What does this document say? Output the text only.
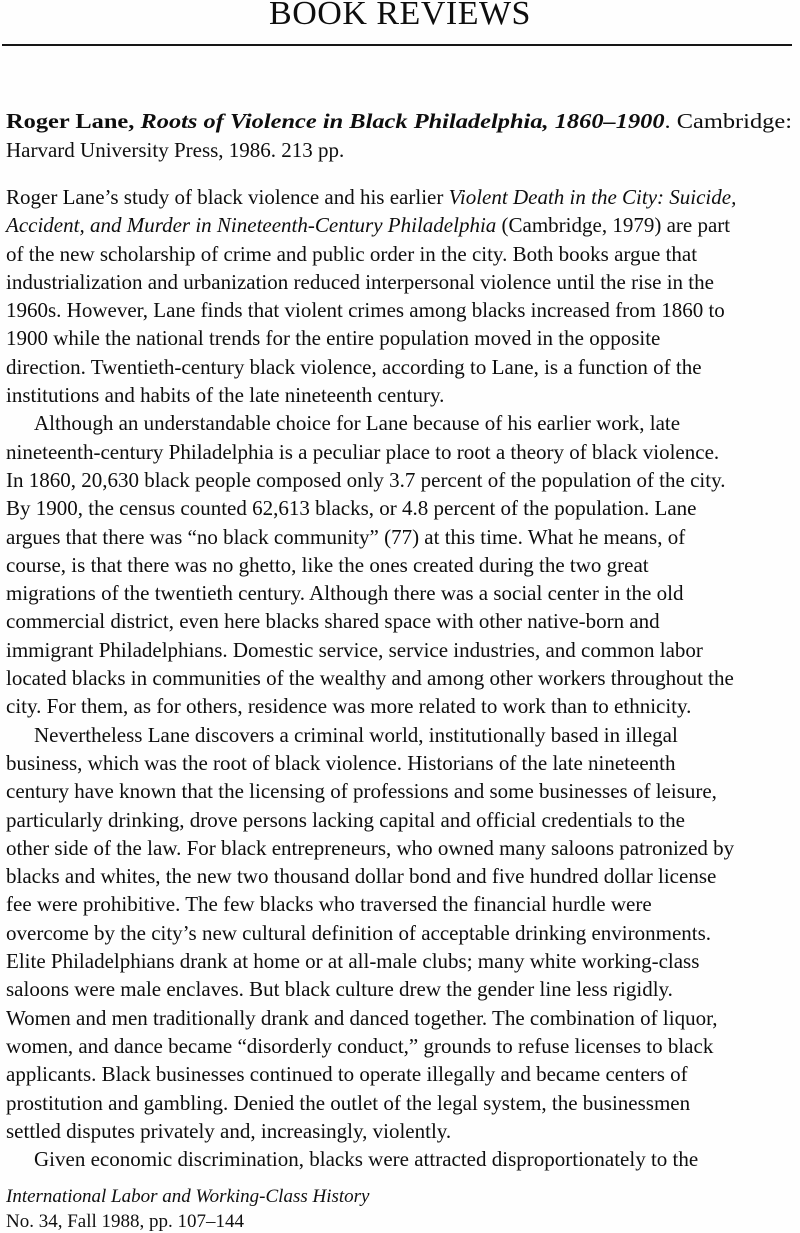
BOOK REVIEWS
Roger Lane, Roots of Violence in Black Philadelphia, 1860–1900. Cambridge:
Harvard University Press, 1986. 213 pp.
Roger Lane’s study of black violence and his earlier Violent Death in the City: Suicide,
Accident, and Murder in Nineteenth-Century Philadelphia (Cambridge, 1979) are part
of the new scholarship of crime and public order in the city. Both books argue that
industrialization and urbanization reduced interpersonal violence until the rise in the
1960s. However, Lane finds that violent crimes among blacks increased from 1860 to
1900 while the national trends for the entire population moved in the opposite
direction. Twentieth-century black violence, according to Lane, is a function of the
institutions and habits of the late nineteenth century.
Although an understandable choice for Lane because of his earlier work, late
nineteenth-century Philadelphia is a peculiar place to root a theory of black violence.
In 1860, 20,630 black people composed only 3.7 percent of the population of the city.
By 1900, the census counted 62,613 blacks, or 4.8 percent of the population. Lane
argues that there was “no black community” (77) at this time. What he means, of
course, is that there was no ghetto, like the ones created during the two great
migrations of the twentieth century. Although there was a social center in the old
commercial district, even here blacks shared space with other native-born and
immigrant Philadelphians. Domestic service, service industries, and common labor
located blacks in communities of the wealthy and among other workers throughout the
city. For them, as for others, residence was more related to work than to ethnicity.
Nevertheless Lane discovers a criminal world, institutionally based in illegal
business, which was the root of black violence. Historians of the late nineteenth
century have known that the licensing of professions and some businesses of leisure,
particularly drinking, drove persons lacking capital and official credentials to the
other side of the law. For black entrepreneurs, who owned many saloons patronized by
blacks and whites, the new two thousand dollar bond and five hundred dollar license
fee were prohibitive. The few blacks who traversed the financial hurdle were
overcome by the city’s new cultural definition of acceptable drinking environments.
Elite Philadelphians drank at home or at all-male clubs; many white working-class
saloons were male enclaves. But black culture drew the gender line less rigidly.
Women and men traditionally drank and danced together. The combination of liquor,
women, and dance became “disorderly conduct,” grounds to refuse licenses to black
applicants. Black businesses continued to operate illegally and became centers of
prostitution and gambling. Denied the outlet of the legal system, the businessmen
settled disputes privately and, increasingly, violently.
Given economic discrimination, blacks were attracted disproportionately to the
International Labor and Working-Class History
No. 34, Fall 1988, pp. 107–144
